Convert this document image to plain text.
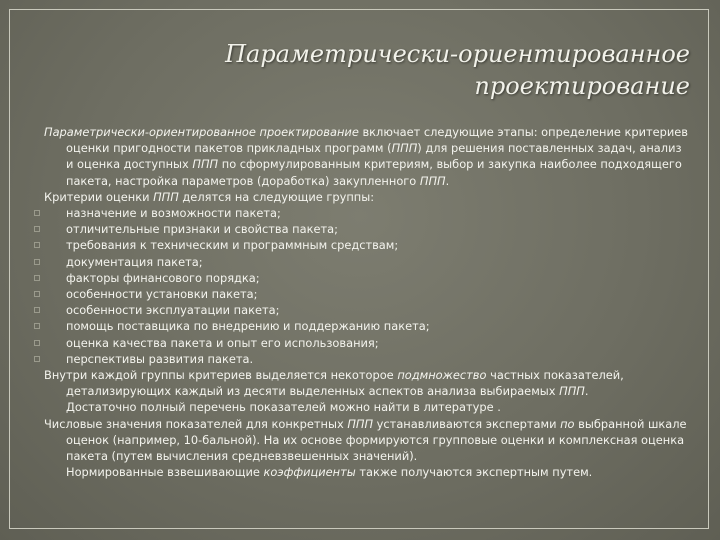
Параметрически-ориентированное
проектирование

Параметрически-ориентированное проектирование включает следующие этапы: определение критериев оценки пригодности пакетов прикладных программ (ППП) для решения поставленных задач, анализ и оценка доступных ППП по сформулированным критериям, выбор и закупка наиболее подходящего пакета, настройка параметров (доработка) закупленного ППП.

Критерии оценки ППП делятся на следующие группы:

назначение и возможности пакета;
отличительные признаки и свойства пакета;
требования к техническим и программным средствам;
документация пакета;
факторы финансового порядка;
особенности установки пакета;
особенности эксплуатации пакета;
помощь поставщика по внедрению и поддержанию пакета;
оценка качества пакета и опыт его использования;
перспективы развития пакета.

Внутри каждой группы критериев выделяется некоторое подмножество частных показателей, детализирующих каждый из десяти выделенных аспектов анализа выбираемых ППП.
Достаточно полный перечень показателей можно найти в литературе .

Числовые значения показателей для конкретных ППП устанавливаются экспертами по выбранной шкале оценок (например, 10-бальной). На их основе формируются групповые оценки и комплексная оценка пакета (путем вычисления средневзвешенных значений).
Нормированные взвешивающие коэффициенты также получаются экспертным путем.
